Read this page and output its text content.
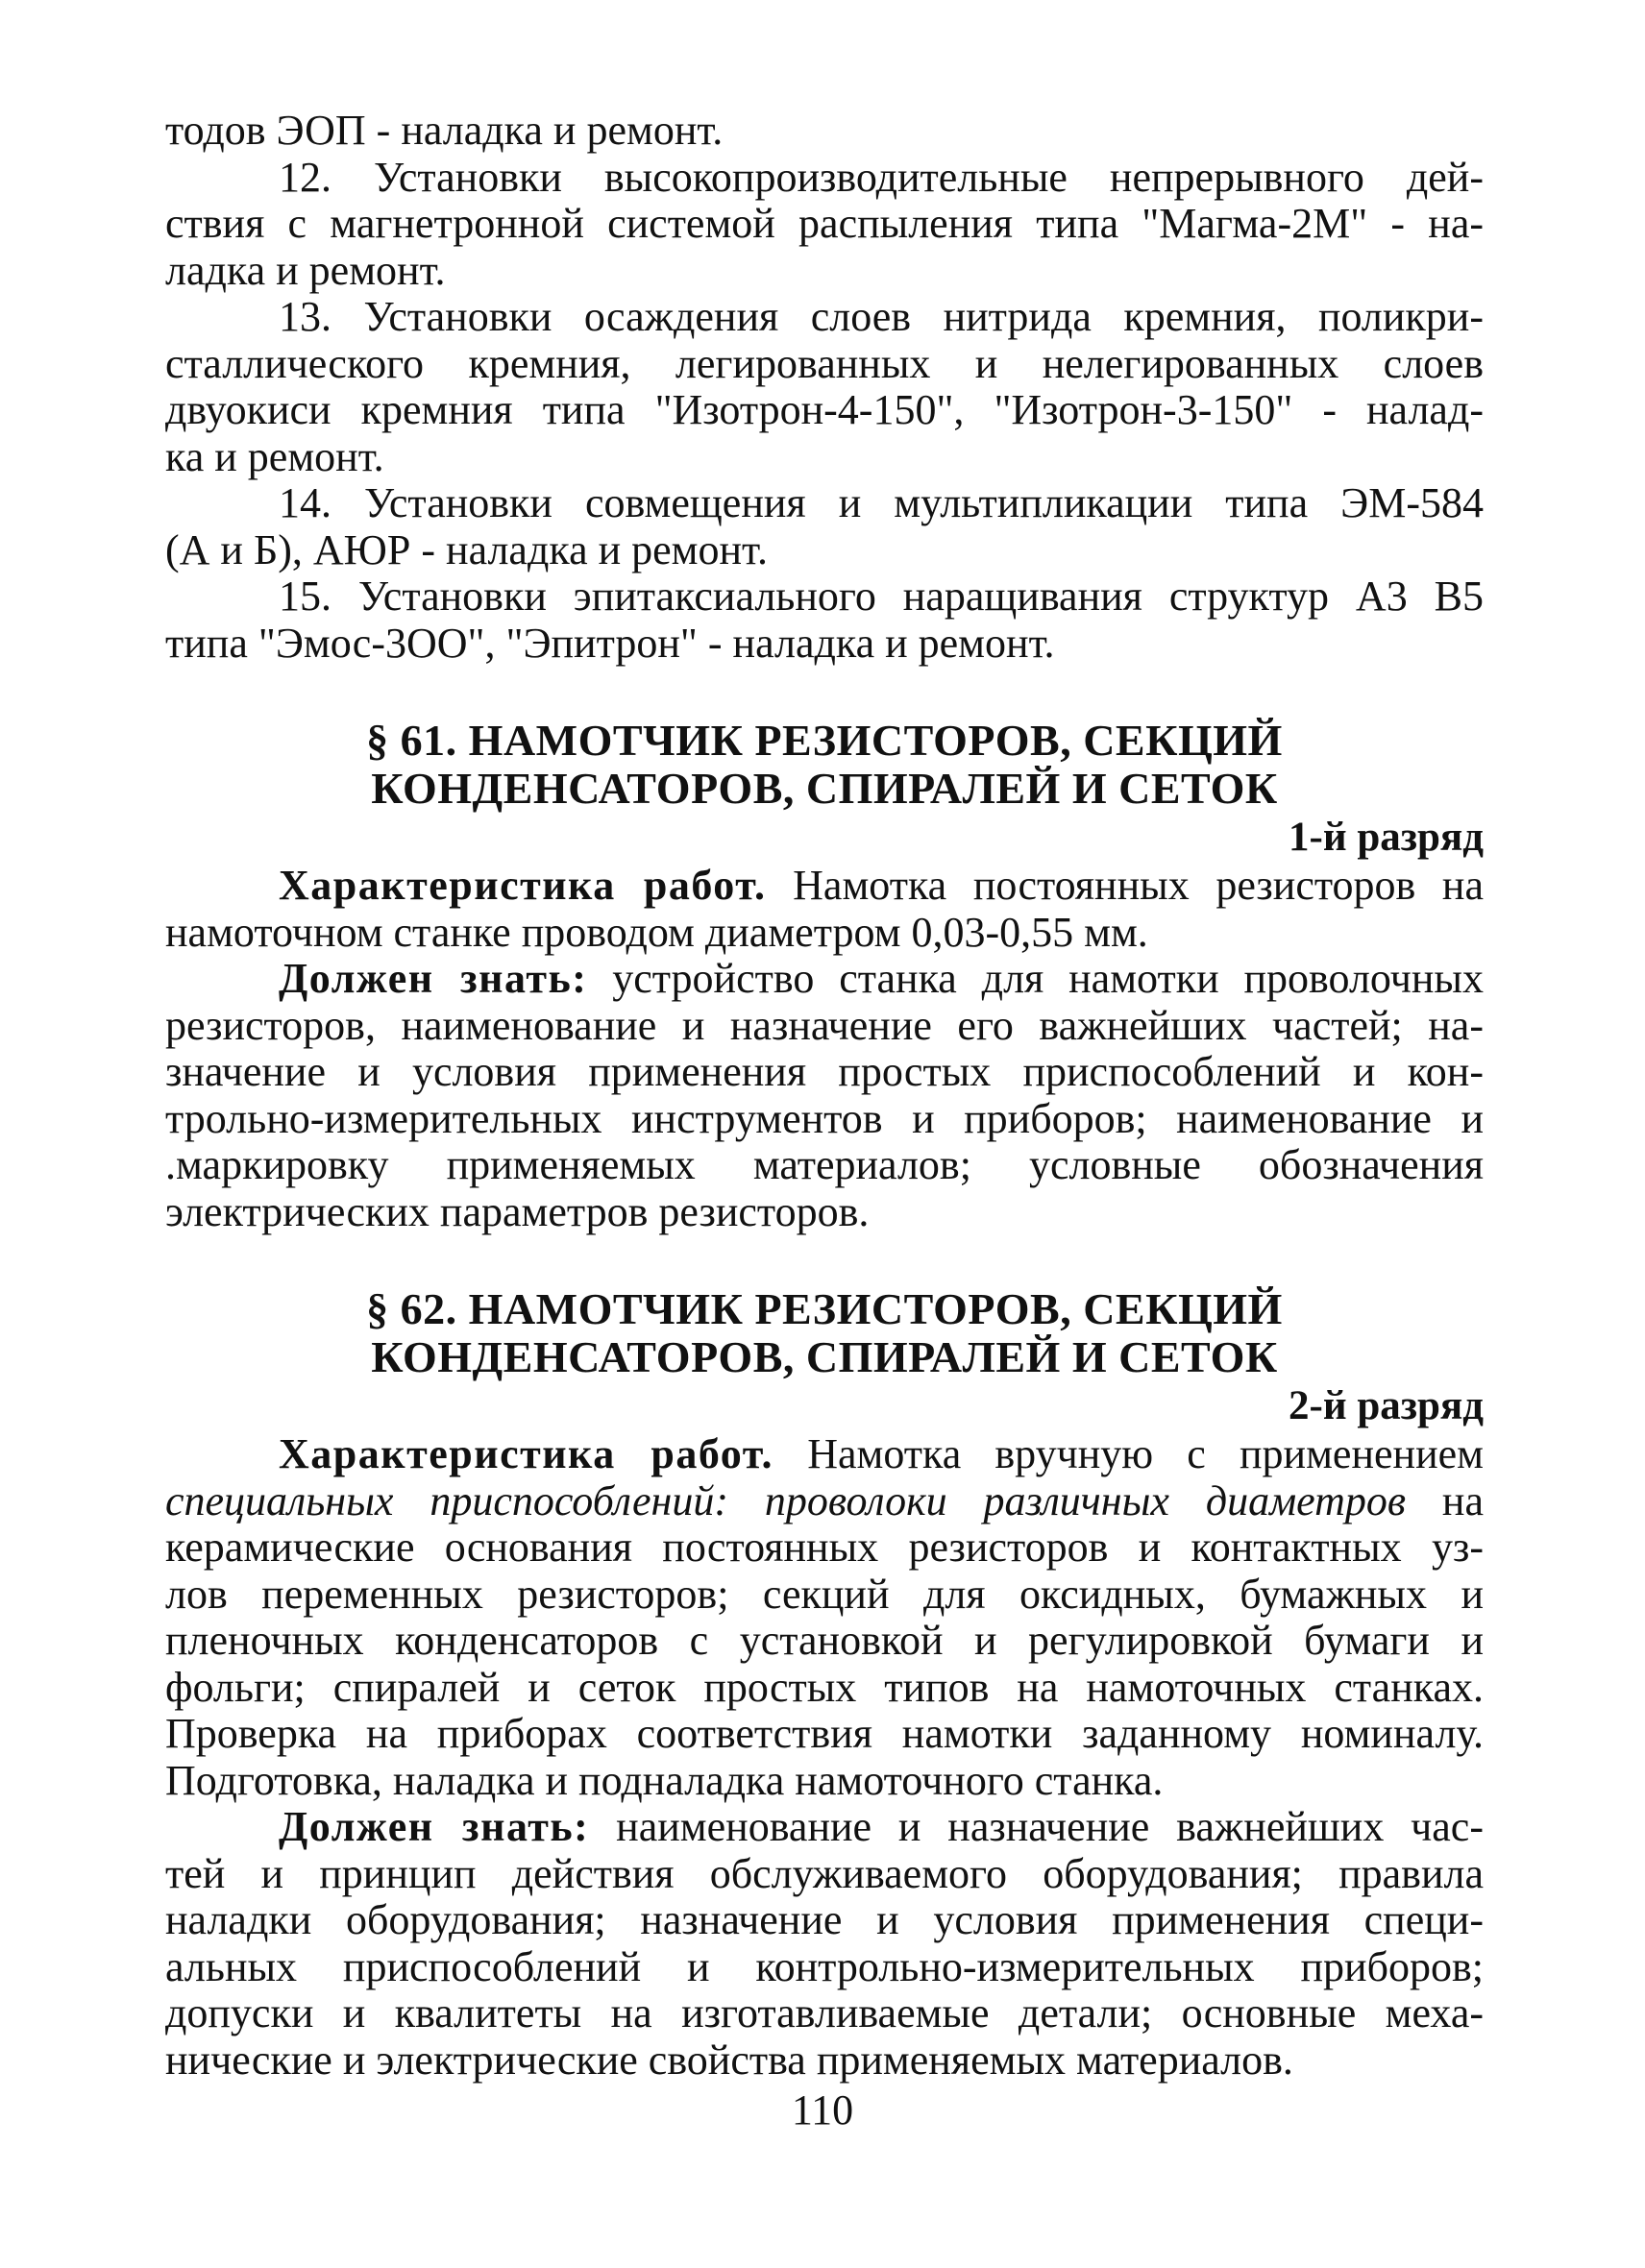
тодов ЭОП - наладка и ремонт.
12. Установки высокопроизводительные непрерывного дей-
ствия с магнетронной системой распыления типа "Магма-2М" - на-
ладка и ремонт.
13. Установки осаждения слоев нитрида кремния, поликри-
сталлического кремния, легированных и нелегированных слоев
двуокиси кремния типа "Изотрон-4-150", "Изотрон-3-150" - налад-
ка и ремонт.
14. Установки совмещения и мультипликации типа ЭМ-584
(А и Б), АЮР - наладка и ремонт.
15. Установки эпитаксиального наращивания структур А3 В5
типа "Эмос-3ОО", "Эпитрон" - наладка и ремонт.
§ 61. НАМОТЧИК РЕЗИСТОРОВ, СЕКЦИЙ
КОНДЕНСАТОРОВ, СПИРАЛЕЙ И СЕТОК
1-й разряд
Характеристика работ. Намотка постоянных резисторов на
намоточном станке проводом диаметром 0,03-0,55 мм.
Должен знать: устройство станка для намотки проволочных
резисторов, наименование и назначение его важнейших частей; на-
значение и условия применения простых приспособлений и кон-
трольно-измерительных инструментов и приборов; наименование и
.маркировку применяемых материалов; условные обозначения
электрических параметров резисторов.
§ 62. НАМОТЧИК РЕЗИСТОРОВ, СЕКЦИЙ
КОНДЕНСАТОРОВ, СПИРАЛЕЙ И СЕТОК
2-й разряд
Характеристика работ. Намотка вручную с применением
специальных приспособлений: проволоки различных диаметров на
керамические основания постоянных резисторов и контактных уз-
лов переменных резисторов; секций для оксидных, бумажных и
пленочных конденсаторов с установкой и регулировкой бумаги и
фольги; спиралей и сеток простых типов на намоточных станках.
Проверка на приборах соответствия намотки заданному номиналу.
Подготовка, наладка и подналадка намоточного станка.
Должен знать: наименование и назначение важнейших час-
тей и принцип действия обслуживаемого оборудования; правила
наладки оборудования; назначение и условия применения специ-
альных приспособлений и контрольно-измерительных приборов;
допуски и квалитеты на изготавливаемые детали; основные меха-
нические и электрические свойства применяемых материалов.
110
